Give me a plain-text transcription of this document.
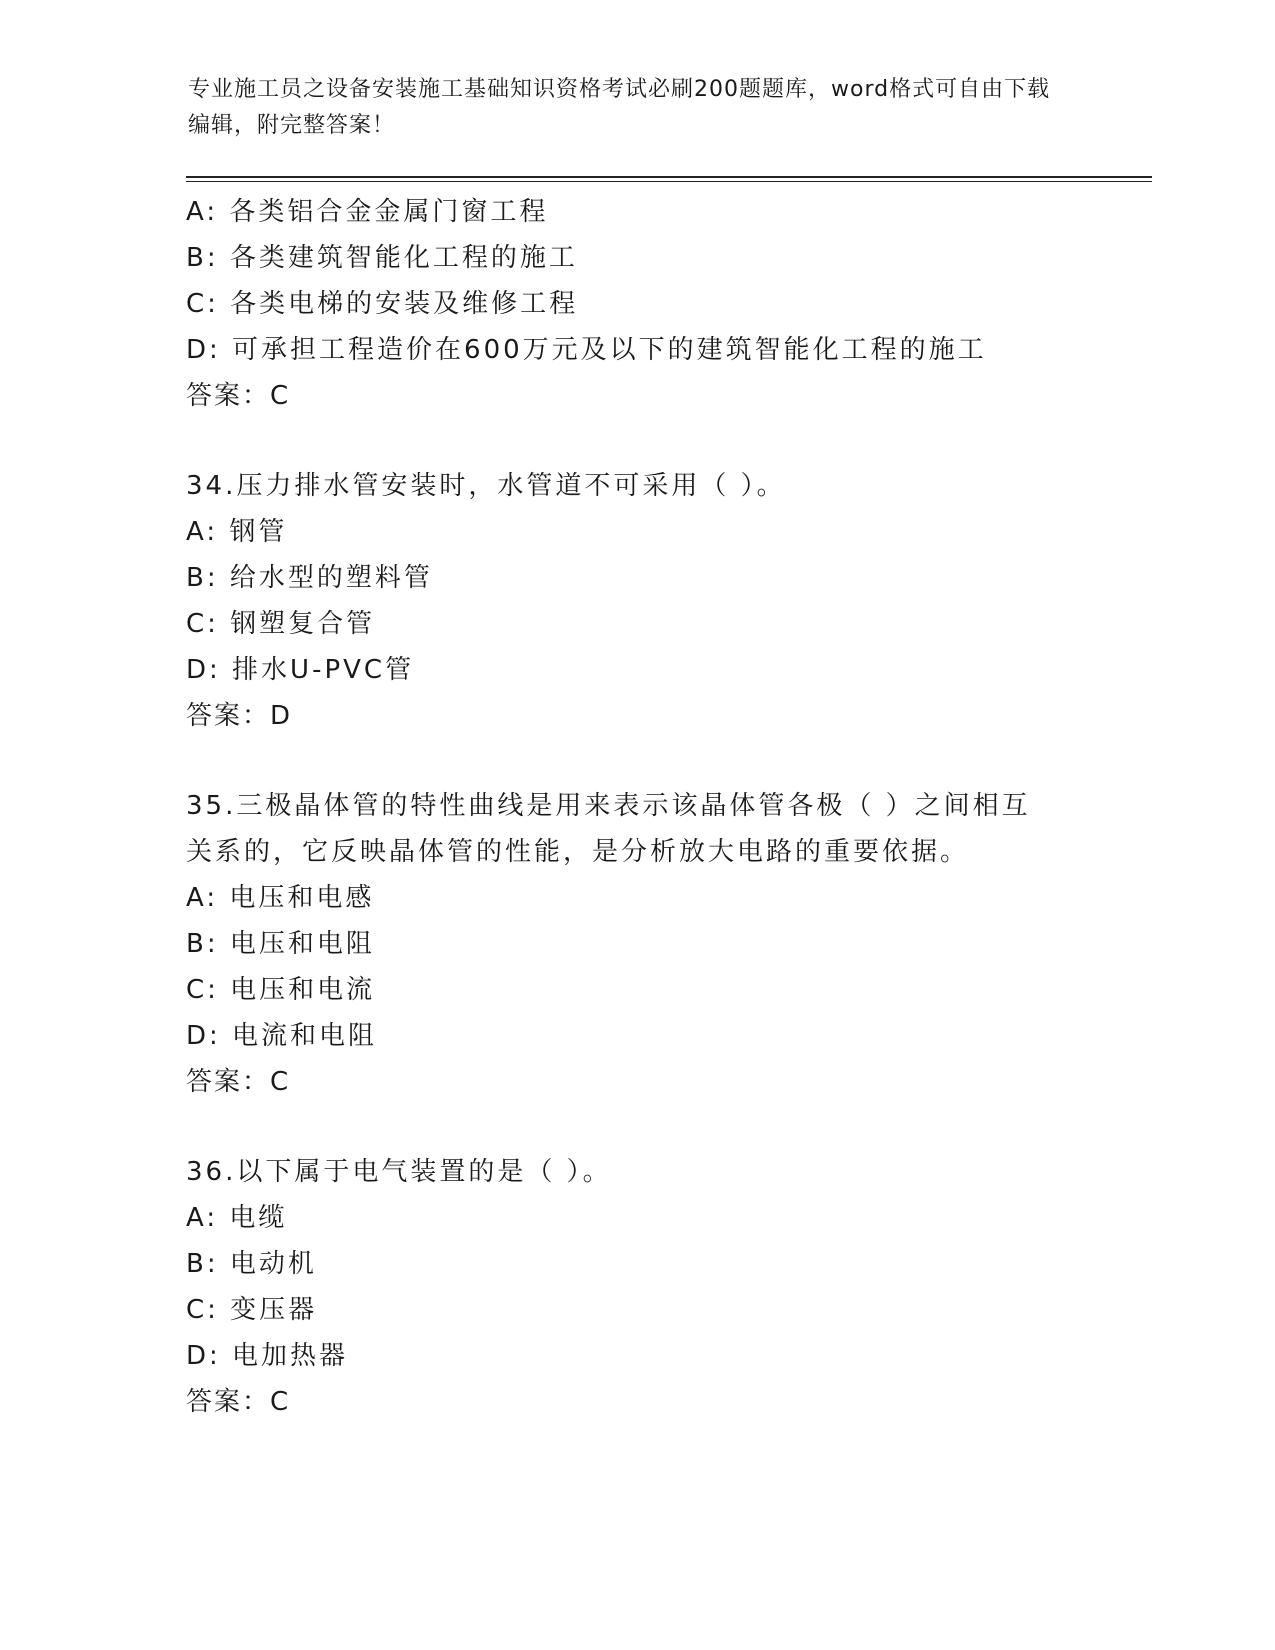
专业施工员之设备安装施工基础知识资格考试必刷200题题库，word格式可自由下载编辑，附完整答案！
A: 各类铝合金金属门窗工程
B: 各类建筑智能化工程的施工
C: 各类电梯的安装及维修工程
D: 可承担工程造价在600万元及以下的建筑智能化工程的施工
答案：C
34.压力排水管安装时，水管道不可采用（ ）。
A: 钢管
B: 给水型的塑料管
C: 钢塑复合管
D: 排水U-PVC管
答案：D
35.三极晶体管的特性曲线是用来表示该晶体管各极（ ）之间相互关系的，它反映晶体管的性能，是分析放大电路的重要依据。
A: 电压和电感
B: 电压和电阻
C: 电压和电流
D: 电流和电阻
答案：C
36.以下属于电气装置的是（ ）。
A: 电缆
B: 电动机
C: 变压器
D: 电加热器
答案：C
